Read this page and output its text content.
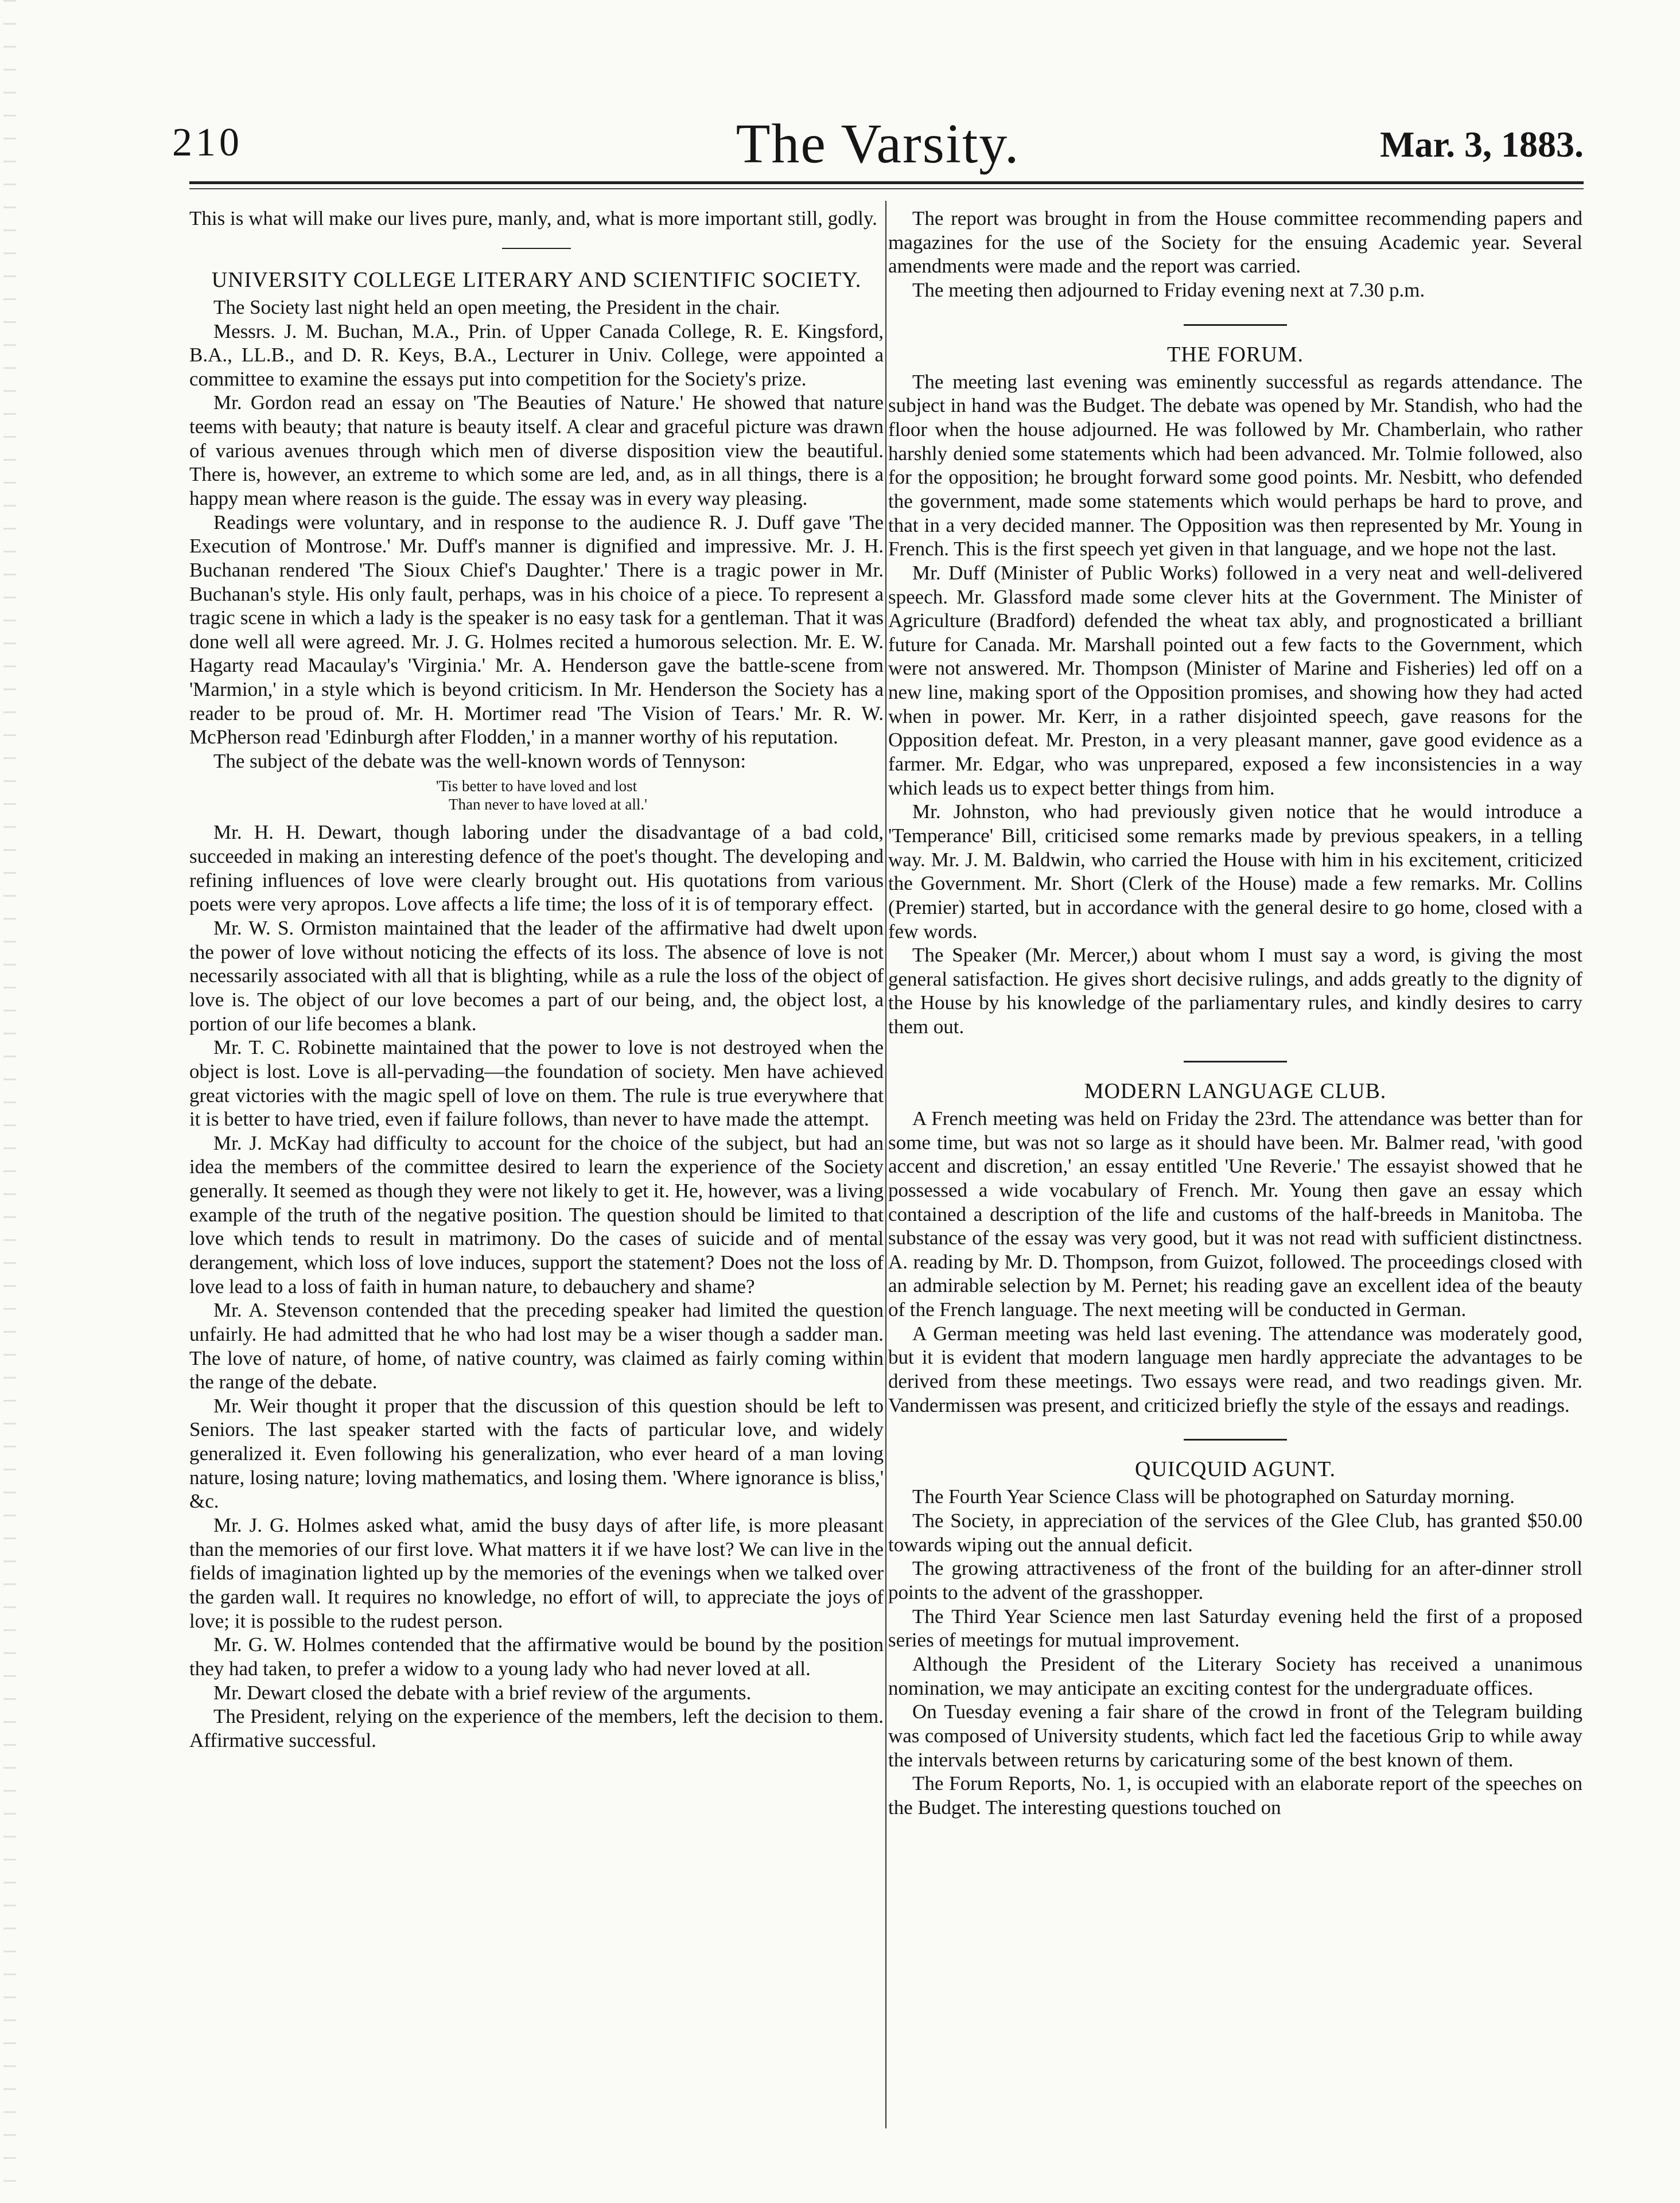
210	The Varsity.	Mar. 3, 1883.

This is what will make our lives pure, manly, and, what is more important still, godly.

UNIVERSITY COLLEGE LITERARY AND SCIENTIFIC SOCIETY.

The Society last night held an open meeting, the President in the chair.

Messrs. J. M. Buchan, M.A., Prin. of Upper Canada College, R. E. Kingsford, B.A., LL.B., and D. R. Keys, B.A., Lecturer in Univ. College, were appointed a committee to examine the essays put into competition for the Society's prize.

Mr. Gordon read an essay on 'The Beauties of Nature.' He showed that nature teems with beauty; that nature is beauty itself. A clear and graceful picture was drawn of various avenues through which men of diverse disposition view the beautiful. There is, however, an extreme to which some are led, and, as in all things, there is a happy mean where reason is the guide. The essay was in every way pleasing.

Readings were voluntary, and in response to the audience R. J. Duff gave 'The Execution of Montrose.' Mr. Duff's manner is dignified and impressive. Mr. J. H. Buchanan rendered 'The Sioux Chief's Daughter.' There is a tragic power in Mr. Buchanan's style. His only fault, perhaps, was in his choice of a piece. To represent a tragic scene in which a lady is the speaker is no easy task for a gentleman. That it was done well all were agreed. Mr. J. G. Holmes recited a humorous selection. Mr. E. W. Hagarty read Macaulay's 'Virginia.' Mr. A. Henderson gave the battle-scene from 'Marmion,' in a style which is beyond criticism. In Mr. Henderson the Society has a reader to be proud of. Mr. H. Mortimer read 'The Vision of Tears.' Mr. R. W. McPherson read 'Edinburgh after Flodden,' in a manner worthy of his reputation.

The subject of the debate was the well-known words of Tennyson:

'Tis better to have loved and lost
Than never to have loved at all.'

Mr. H. H. Dewart, though laboring under the disadvantage of a bad cold, succeeded in making an interesting defence of the poet's thought. The developing and refining influences of love were clearly brought out. His quotations from various poets were very apropos. Love affects a life time; the loss of it is of temporary effect.

Mr. W. S. Ormiston maintained that the leader of the affirmative had dwelt upon the power of love without noticing the effects of its loss. The absence of love is not necessarily associated with all that is blighting, while as a rule the loss of the object of love is. The object of our love becomes a part of our being, and, the object lost, a portion of our life becomes a blank.

Mr. T. C. Robinette maintained that the power to love is not destroyed when the object is lost. Love is all-pervading—the foundation of society. Men have achieved great victories with the magic spell of love on them. The rule is true everywhere that it is better to have tried, even if failure follows, than never to have made the attempt.

Mr. J. McKay had difficulty to account for the choice of the subject, but had an idea the members of the committee desired to learn the experience of the Society generally. It seemed as though they were not likely to get it. He, however, was a living example of the truth of the negative position. The question should be limited to that love which tends to result in matrimony. Do the cases of suicide and of mental derangement, which loss of love induces, support the statement? Does not the loss of love lead to a loss of faith in human nature, to debauchery and shame?

Mr. A. Stevenson contended that the preceding speaker had limited the question unfairly. He had admitted that he who had lost may be a wiser though a sadder man. The love of nature, of home, of native country, was claimed as fairly coming within the range of the debate.

Mr. Weir thought it proper that the discussion of this question should be left to Seniors. The last speaker started with the facts of particular love, and widely generalized it. Even following his generalization, who ever heard of a man loving nature, losing nature; loving mathematics, and losing them. 'Where ignorance is bliss,' &c.

Mr. J. G. Holmes asked what, amid the busy days of after life, is more pleasant than the memories of our first love. What matters it if we have lost? We can live in the fields of imagination lighted up by the memories of the evenings when we talked over the garden wall. It requires no knowledge, no effort of will, to appreciate the joys of love; it is possible to the rudest person.

Mr. G. W. Holmes contended that the affirmative would be bound by the position they had taken, to prefer a widow to a young lady who had never loved at all.

Mr. Dewart closed the debate with a brief review of the arguments.

The President, relying on the experience of the members, left the decision to them. Affirmative successful.

The report was brought in from the House committee recommending papers and magazines for the use of the Society for the ensuing Academic year. Several amendments were made and the report was carried.

The meeting then adjourned to Friday evening next at 7.30 p.m.

THE FORUM.

The meeting last evening was eminently successful as regards attendance. The subject in hand was the Budget. The debate was opened by Mr. Standish, who had the floor when the house adjourned. He was followed by Mr. Chamberlain, who rather harshly denied some statements which had been advanced. Mr. Tolmie followed, also for the opposition; he brought forward some good points. Mr. Nesbitt, who defended the government, made some statements which would perhaps be hard to prove, and that in a very decided manner. The Opposition was then represented by Mr. Young in French. This is the first speech yet given in that language, and we hope not the last.

Mr. Duff (Minister of Public Works) followed in a very neat and well-delivered speech. Mr. Glassford made some clever hits at the Government. The Minister of Agriculture (Bradford) defended the wheat tax ably, and prognosticated a brilliant future for Canada. Mr. Marshall pointed out a few facts to the Government, which were not answered. Mr. Thompson (Minister of Marine and Fisheries) led off on a new line, making sport of the Opposition promises, and showing how they had acted when in power. Mr. Kerr, in a rather disjointed speech, gave reasons for the Opposition defeat. Mr. Preston, in a very pleasant manner, gave good evidence as a farmer. Mr. Edgar, who was unprepared, exposed a few inconsistencies in a way which leads us to expect better things from him.

Mr. Johnston, who had previously given notice that he would introduce a 'Temperance' Bill, criticised some remarks made by previous speakers, in a telling way. Mr. J. M. Baldwin, who carried the House with him in his excitement, criticized the Government. Mr. Short (Clerk of the House) made a few remarks. Mr. Collins (Premier) started, but in accordance with the general desire to go home, closed with a few words.

The Speaker (Mr. Mercer,) about whom I must say a word, is giving the most general satisfaction. He gives short decisive rulings, and adds greatly to the dignity of the House by his knowledge of the parliamentary rules, and kindly desires to carry them out.

MODERN LANGUAGE CLUB.

A French meeting was held on Friday the 23rd. The attendance was better than for some time, but was not so large as it should have been. Mr. Balmer read, 'with good accent and discretion,' an essay entitled 'Une Reverie.' The essayist showed that he possessed a wide vocabulary of French. Mr. Young then gave an essay which contained a description of the life and customs of the half-breeds in Manitoba. The substance of the essay was very good, but it was not read with sufficient distinctness. A. reading by Mr. D. Thompson, from Guizot, followed. The proceedings closed with an admirable selection by M. Pernet; his reading gave an excellent idea of the beauty of the French language. The next meeting will be conducted in German.

A German meeting was held last evening. The attendance was moderately good, but it is evident that modern language men hardly appreciate the advantages to be derived from these meetings. Two essays were read, and two readings given. Mr. Vandermissen was present, and criticized briefly the style of the essays and readings.

QUICQUID AGUNT.

The Fourth Year Science Class will be photographed on Saturday morning.

The Society, in appreciation of the services of the Glee Club, has granted $50.00 towards wiping out the annual deficit.

The growing attractiveness of the front of the building for an after-dinner stroll points to the advent of the grasshopper.

The Third Year Science men last Saturday evening held the first of a proposed series of meetings for mutual improvement.

Although the President of the Literary Society has received a unanimous nomination, we may anticipate an exciting contest for the undergraduate offices.

On Tuesday evening a fair share of the crowd in front of the Telegram building was composed of University students, which fact led the facetious Grip to while away the intervals between returns by caricaturing some of the best known of them.

The Forum Reports, No. 1, is occupied with an elaborate report of the speeches on the Budget. The interesting questions touched on
